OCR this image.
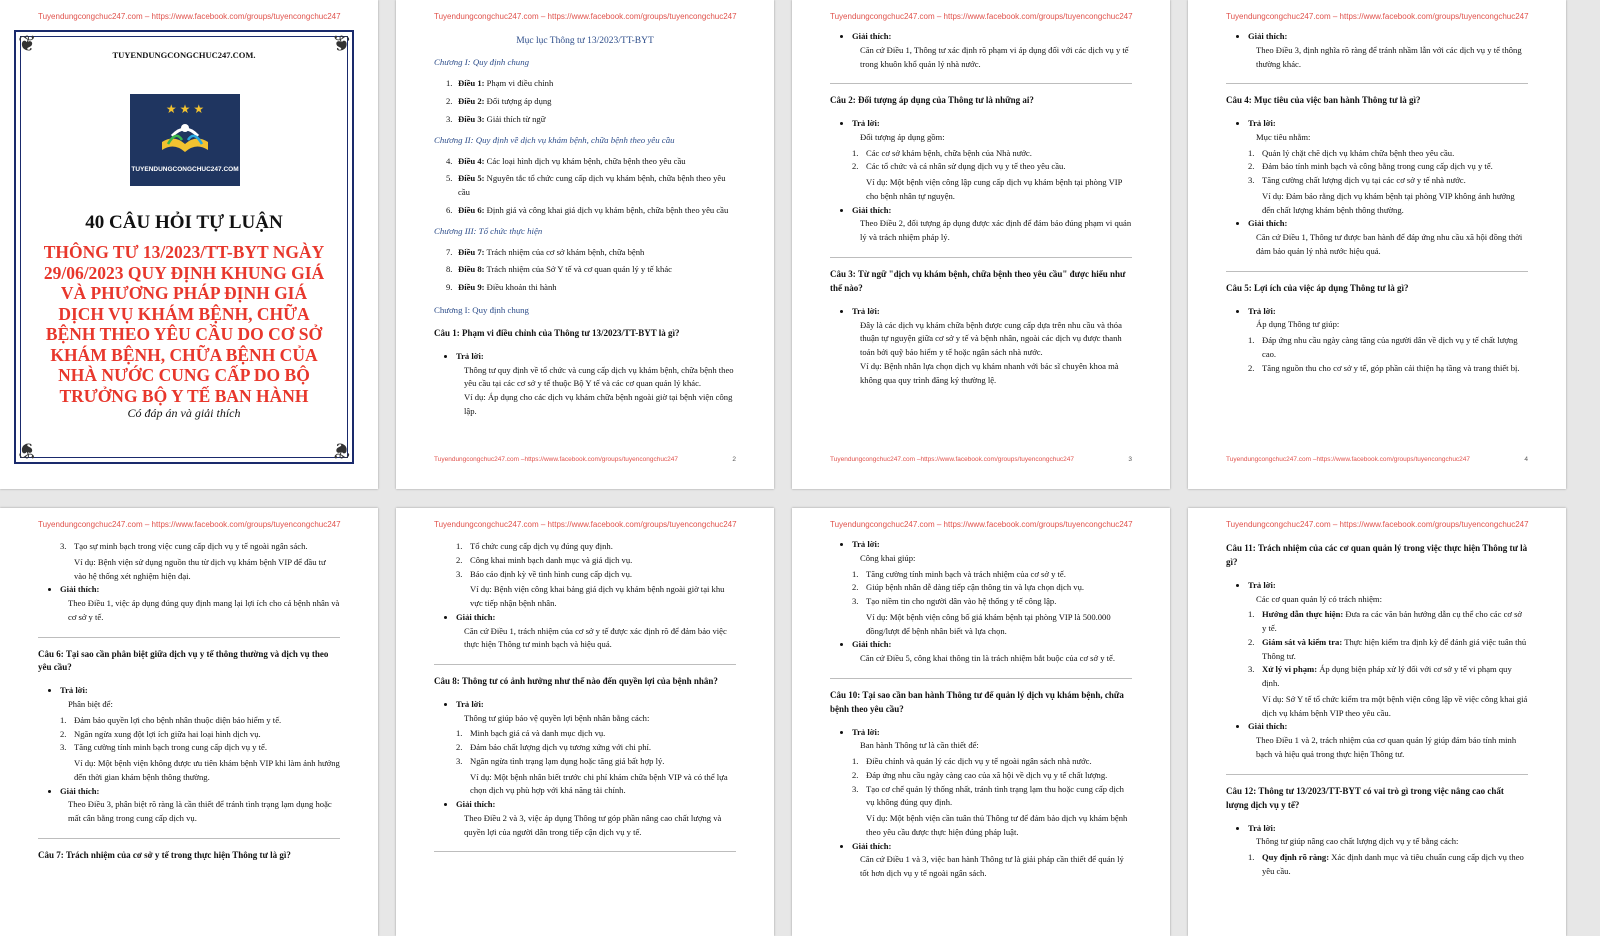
Tuyendungcongchuc247.com – https://www.facebook.com/groups/tuyencongchuc247
❦	❦
❦	❦
TUYENDUNGCONGCHUC247.COM.
★ ★ ★
TUYENDUNGCONGCHUC247.COM
40 CÂU HỎI TỰ LUẬN
THÔNG TƯ 13/2023/TT-BYT NGÀY 29/06/2023 QUY ĐỊNH KHUNG GIÁ VÀ PHƯƠNG PHÁP ĐỊNH GIÁ DỊCH VỤ KHÁM BỆNH, CHỮA BỆNH THEO YÊU CẦU DO CƠ SỞ KHÁM BỆNH, CHỮA BỆNH CỦA NHÀ NƯỚC CUNG CẤP DO BỘ TRƯỞNG BỘ Y TẾ BAN HÀNH
Có đáp án và giải thích
Tuyendungcongchuc247.com – https://www.facebook.com/groups/tuyencongchuc247
Mục lục Thông tư 13/2023/TT-BYT
Chương I: Quy định chung
1. Điều 1: Phạm vi điều chỉnh
2. Điều 2: Đối tượng áp dụng
3. Điều 3: Giải thích từ ngữ
Chương II: Quy định về dịch vụ khám bệnh, chữa bệnh theo yêu cầu
4. Điều 4: Các loại hình dịch vụ khám bệnh, chữa bệnh theo yêu cầu
5. Điều 5: Nguyên tắc tổ chức cung cấp dịch vụ khám bệnh, chữa bệnh theo yêu cầu
6. Điều 6: Định giá và công khai giá dịch vụ khám bệnh, chữa bệnh theo yêu cầu
Chương III: Tổ chức thực hiện
7. Điều 7: Trách nhiệm của cơ sở khám bệnh, chữa bệnh
8. Điều 8: Trách nhiệm của Sở Y tế và cơ quan quản lý y tế khác
9. Điều 9: Điều khoản thi hành
Chương I: Quy định chung
Câu 1: Phạm vi điều chỉnh của Thông tư 13/2023/TT-BYT là gì?
• Trả lời:

Thông tư quy định về tổ chức và cung cấp dịch vụ khám bệnh, chữa bệnh theo yêu cầu tại các cơ sở y tế thuộc Bộ Y tế và các cơ quan quản lý khác.

Ví dụ: Áp dụng cho các dịch vụ khám chữa bệnh ngoài giờ tại bệnh viện công lập.

Tuyendungcongchuc247.com –https://www.facebook.com/groups/tuyencongchuc247	2
Tuyendungcongchuc247.com – https://www.facebook.com/groups/tuyencongchuc247
• Giải thích:

Căn cứ Điều 1, Thông tư xác định rõ phạm vi áp dụng đối với các dịch vụ y tế trong khuôn khổ quản lý nhà nước.

Câu 2: Đối tượng áp dụng của Thông tư là những ai?
• Trả lời:

Đối tượng áp dụng gồm:

1. Các cơ sở khám bệnh, chữa bệnh của Nhà nước.
2. Các tổ chức và cá nhân sử dụng dịch vụ y tế theo yêu cầu.

Ví dụ: Một bệnh viện công lập cung cấp dịch vụ khám bệnh tại phòng VIP cho bệnh nhân tự nguyện.

• Giải thích:

Theo Điều 2, đối tượng áp dụng được xác định để đảm bảo đúng phạm vi quản lý và trách nhiệm pháp lý.

Câu 3: Từ ngữ "dịch vụ khám bệnh, chữa bệnh theo yêu cầu" được hiểu như thế nào?
• Trả lời:

Đây là các dịch vụ khám chữa bệnh được cung cấp dựa trên nhu cầu và thỏa thuận tự nguyện giữa cơ sở y tế và bệnh nhân, ngoài các dịch vụ được thanh toán bởi quỹ bảo hiểm y tế hoặc ngân sách nhà nước.

Ví dụ: Bệnh nhân lựa chọn dịch vụ khám nhanh với bác sĩ chuyên khoa mà không qua quy trình đăng ký thường lệ.

Tuyendungcongchuc247.com –https://www.facebook.com/groups/tuyencongchuc247	3
Tuyendungcongchuc247.com – https://www.facebook.com/groups/tuyencongchuc247
• Giải thích:

Theo Điều 3, định nghĩa rõ ràng để tránh nhầm lẫn với các dịch vụ y tế thông thường khác.

Câu 4: Mục tiêu của việc ban hành Thông tư là gì?
• Trả lời:

Mục tiêu nhằm:

1. Quản lý chặt chẽ dịch vụ khám chữa bệnh theo yêu cầu.
2. Đảm bảo tính minh bạch và công bằng trong cung cấp dịch vụ y tế.
3. Tăng cường chất lượng dịch vụ tại các cơ sở y tế nhà nước.

Ví dụ: Đảm bảo rằng dịch vụ khám bệnh tại phòng VIP không ảnh hưởng đến chất lượng khám bệnh thông thường.

• Giải thích:

Căn cứ Điều 1, Thông tư được ban hành để đáp ứng nhu cầu xã hội đồng thời đảm bảo quản lý nhà nước hiệu quả.

Câu 5: Lợi ích của việc áp dụng Thông tư là gì?
• Trả lời:

Áp dụng Thông tư giúp:

1. Đáp ứng nhu cầu ngày càng tăng của người dân về dịch vụ y tế chất lượng cao.
2. Tăng nguồn thu cho cơ sở y tế, góp phần cải thiện hạ tầng và trang thiết bị.
Tuyendungcongchuc247.com –https://www.facebook.com/groups/tuyencongchuc247	4
Tuyendungcongchuc247.com – https://www.facebook.com/groups/tuyencongchuc247
3. Tạo sự minh bạch trong việc cung cấp dịch vụ y tế ngoài ngân sách.

Ví dụ: Bệnh viện sử dụng nguồn thu từ dịch vụ khám bệnh VIP để đầu tư vào hệ thống xét nghiệm hiện đại.

• Giải thích:

Theo Điều 1, việc áp dụng đúng quy định mang lại lợi ích cho cả bệnh nhân và cơ sở y tế.

Câu 6: Tại sao cần phân biệt giữa dịch vụ y tế thông thường và dịch vụ theo yêu cầu?
• Trả lời:

Phân biệt để:

1. Đảm bảo quyền lợi cho bệnh nhân thuộc diện bảo hiểm y tế.
2. Ngăn ngừa xung đột lợi ích giữa hai loại hình dịch vụ.
3. Tăng cường tính minh bạch trong cung cấp dịch vụ y tế.

Ví dụ: Một bệnh viện không được ưu tiên khám bệnh VIP khi làm ảnh hưởng đến thời gian khám bệnh thông thường.

• Giải thích:

Theo Điều 3, phân biệt rõ ràng là cần thiết để tránh tình trạng lạm dụng hoặc mất cân bằng trong cung cấp dịch vụ.

Câu 7: Trách nhiệm của cơ sở y tế trong thực hiện Thông tư là gì?
Tuyendungcongchuc247.com – https://www.facebook.com/groups/tuyencongchuc247
1. Tổ chức cung cấp dịch vụ đúng quy định.
2. Công khai minh bạch danh mục và giá dịch vụ.
3. Báo cáo định kỳ về tình hình cung cấp dịch vụ.

Ví dụ: Bệnh viện công khai bảng giá dịch vụ khám bệnh ngoài giờ tại khu vực tiếp nhận bệnh nhân.

• Giải thích:

Căn cứ Điều 1, trách nhiệm của cơ sở y tế được xác định rõ để đảm bảo việc thực hiện Thông tư minh bạch và hiệu quả.

Câu 8: Thông tư có ảnh hưởng như thế nào đến quyền lợi của bệnh nhân?
• Trả lời:

Thông tư giúp bảo vệ quyền lợi bệnh nhân bằng cách:

1. Minh bạch giá cả và danh mục dịch vụ.
2. Đảm bảo chất lượng dịch vụ tương xứng với chi phí.
3. Ngăn ngừa tình trạng lạm dụng hoặc tăng giá bất hợp lý.

Ví dụ: Một bệnh nhân biết trước chi phí khám chữa bệnh VIP và có thể lựa chọn dịch vụ phù hợp với khả năng tài chính.

• Giải thích:

Theo Điều 2 và 3, việc áp dụng Thông tư góp phần nâng cao chất lượng và quyền lợi của người dân trong tiếp cận dịch vụ y tế.

Tuyendungcongchuc247.com – https://www.facebook.com/groups/tuyencongchuc247
• Trả lời:

Công khai giúp:

1. Tăng cường tính minh bạch và trách nhiệm của cơ sở y tế.
2. Giúp bệnh nhân dễ dàng tiếp cận thông tin và lựa chọn dịch vụ.
3. Tạo niềm tin cho người dân vào hệ thống y tế công lập.

Ví dụ: Một bệnh viện công bố giá khám bệnh tại phòng VIP là 500.000 đồng/lượt để bệnh nhân biết và lựa chọn.

• Giải thích:

Căn cứ Điều 5, công khai thông tin là trách nhiệm bắt buộc của cơ sở y tế.

Câu 10: Tại sao cần ban hành Thông tư để quản lý dịch vụ khám bệnh, chữa bệnh theo yêu cầu?
• Trả lời:

Ban hành Thông tư là cần thiết để:

1. Điều chỉnh và quản lý các dịch vụ y tế ngoài ngân sách nhà nước.
2. Đáp ứng nhu cầu ngày càng cao của xã hội về dịch vụ y tế chất lượng.
3. Tạo cơ chế quản lý thống nhất, tránh tình trạng lạm thu hoặc cung cấp dịch vụ không đúng quy định.

Ví dụ: Một bệnh viện cần tuân thủ Thông tư để đảm bảo dịch vụ khám bệnh theo yêu cầu được thực hiện đúng pháp luật.

• Giải thích:

Căn cứ Điều 1 và 3, việc ban hành Thông tư là giải pháp cần thiết để quản lý tốt hơn dịch vụ y tế ngoài ngân sách.

Tuyendungcongchuc247.com – https://www.facebook.com/groups/tuyencongchuc247
Câu 11: Trách nhiệm của các cơ quan quản lý trong việc thực hiện Thông tư là gì?
• Trả lời:

Các cơ quan quản lý có trách nhiệm:

1. Hướng dẫn thực hiện: Đưa ra các văn bản hướng dẫn cụ thể cho các cơ sở y tế.
2. Giám sát và kiểm tra: Thực hiện kiểm tra định kỳ để đánh giá việc tuân thủ Thông tư.
3. Xử lý vi phạm: Áp dụng biện pháp xử lý đối với cơ sở y tế vi phạm quy định.

Ví dụ: Sở Y tế tổ chức kiểm tra một bệnh viện công lập về việc công khai giá dịch vụ khám bệnh VIP theo yêu cầu.

• Giải thích:

Theo Điều 1 và 2, trách nhiệm của cơ quan quản lý giúp đảm bảo tính minh bạch và hiệu quả trong thực hiện Thông tư.

Câu 12: Thông tư 13/2023/TT-BYT có vai trò gì trong việc nâng cao chất lượng dịch vụ y tế?
• Trả lời:

Thông tư giúp nâng cao chất lượng dịch vụ y tế bằng cách:

1. Quy định rõ ràng: Xác định danh mục và tiêu chuẩn cung cấp dịch vụ theo yêu cầu.
